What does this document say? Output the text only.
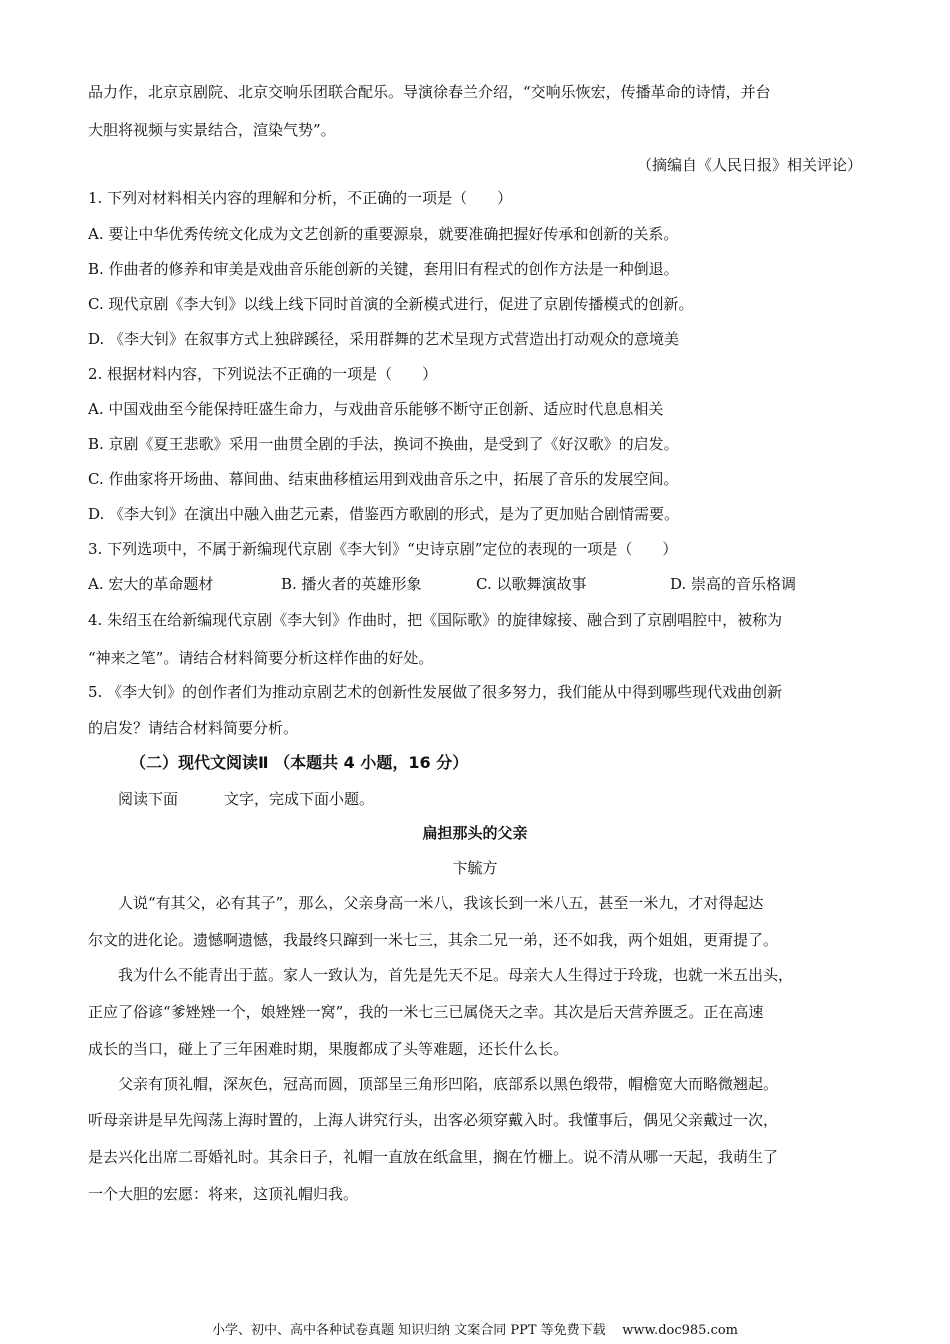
品力作，北京京剧院、北京交响乐团联合配乐。导演徐春兰介绍，“交响乐恢宏，传播革命的诗情，并台
大胆将视频与实景结合，渲染气势”。
（摘编自《人民日报》相关评论）
1. 下列对材料相关内容的理解和分析，不正确的一项是（　　）
A. 要让中华优秀传统文化成为文艺创新的重要源泉，就要准确把握好传承和创新的关系。
B. 作曲者的修养和审美是戏曲音乐能创新的关键，套用旧有程式的创作方法是一种倒退。
C. 现代京剧《李大钊》以线上线下同时首演的全新模式进行，促进了京剧传播模式的创新。
D. 《李大钊》在叙事方式上独辟蹊径，采用群舞的艺术呈现方式营造出打动观众的意境美
2. 根据材料内容，下列说法不正确的一项是（　　）
A. 中国戏曲至今能保持旺盛生命力，与戏曲音乐能够不断守正创新、适应时代息息相关
B. 京剧《夏王悲歌》采用一曲贯全剧的手法，换词不换曲，是受到了《好汉歌》的启发。
C. 作曲家将开场曲、幕间曲、结束曲移植运用到戏曲音乐之中，拓展了音乐的发展空间。
D. 《李大钊》在演出中融入曲艺元素，借鉴西方歌剧的形式，是为了更加贴合剧情需要。
3. 下列选项中，不属于新编现代京剧《李大钊》“史诗京剧”定位的表现的一项是（　　）
A. 宏大的革命题材	B. 播火者的英雄形象	C. 以歌舞演故事	D. 崇高的音乐格调
4. 朱绍玉在给新编现代京剧《李大钊》作曲时，把《国际歌》的旋律嫁接、融合到了京剧唱腔中，被称为
“神来之笔”。请结合材料简要分析这样作曲的好处。
5. 《李大钊》的创作者们为推动京剧艺术的创新性发展做了很多努力，我们能从中得到哪些现代戏曲创新
的启发？请结合材料简要分析。
（二）现代文阅读Ⅱ （本题共 4 小题，16 分）
阅读下面	文字，完成下面小题。
扁担那头的父亲
卞毓方
人说“有其父，必有其子”，那么，父亲身高一米八，我该长到一米八五，甚至一米九，才对得起达
尔文的进化论。遗憾啊遗憾，我最终只蹿到一米七三，其余二兄一弟，还不如我，两个姐姐，更甭提了。
我为什么不能青出于蓝。家人一致认为，首先是先天不足。母亲大人生得过于玲珑，也就一米五出头，
正应了俗谚“爹矬矬一个，娘矬矬一窝”，我的一米七三已属侥天之幸。其次是后天营养匮乏。正在高速
成长的当口，碰上了三年困难时期，果腹都成了头等难题，还长什么长。
父亲有顶礼帽，深灰色，冠高而圆，顶部呈三角形凹陷，底部系以黑色缎带，帽檐宽大而略微翘起。
听母亲讲是早先闯荡上海时置的，上海人讲究行头，出客必须穿戴入时。我懂事后，偶见父亲戴过一次，
是去兴化出席二哥婚礼时。其余日子，礼帽一直放在纸盒里，搁在竹栅上。说不清从哪一天起，我萌生了
一个大胆的宏愿：将来，这顶礼帽归我。
小学、初中、高中各种试卷真题 知识归纳 文案合同 PPT 等免费下载 www.doc985.com
